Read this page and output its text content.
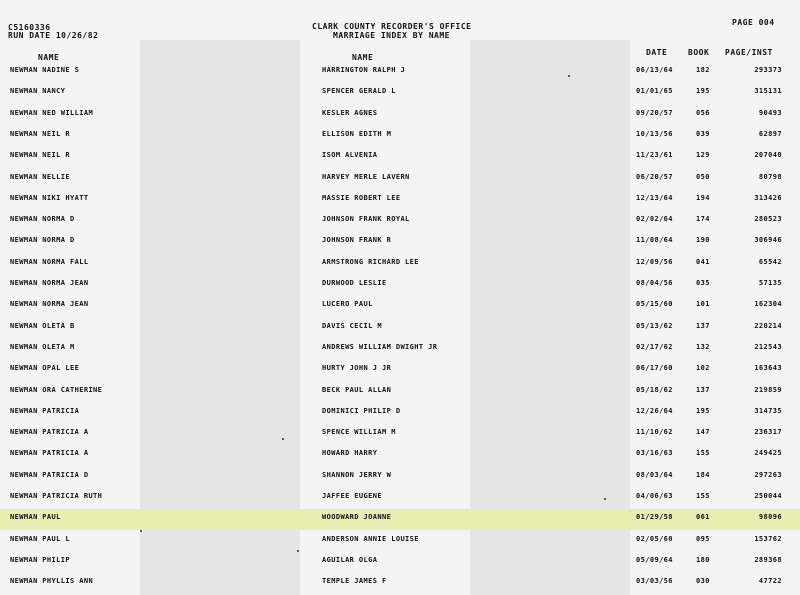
C5160336
RUN DATE 10/26/82
CLARK COUNTY RECORDER'S OFFICE
MARRIAGE INDEX BY NAME
PAGE 004
NAME	NAME
DATE	BOOK PAGE/INST
NEWMAN NADINE S	HARRINGTON RALPH J	06/13/64	182	293373
NEWMAN NANCY	SPENCER GERALD L	01/01/65	195	315131
NEWMAN NED WILLIAM	KESLER AGNES	09/20/57	056	90493
NEWMAN NEIL R	ELLISON EDITH M	10/13/56	039	62897
NEWMAN NEIL R	ISOM ALVENIA	11/23/61	129	207040
NEWMAN NELLIE	HARVEY MERLE LAVERN	06/20/57	050	80798
NEWMAN NIKI HYATT	MASSIE ROBERT LEE	12/13/64	194	313426
NEWMAN NORMA D	JOHNSON FRANK ROYAL	02/02/64	174	280523
NEWMAN NORMA D	JOHNSON FRANK R	11/08/64	190	306946
NEWMAN NORMA FALL	ARMSTRONG RICHARD LEE	12/09/56	041	65542
NEWMAN NORMA JEAN	DURWOOD LESLIE	08/04/56	035	57135
NEWMAN NORMA JEAN	LUCERO PAUL	05/15/60	101	162304
NEWMAN OLETA B	DAVIS CECIL M	05/13/62	137	220214
NEWMAN OLETA M	ANDREWS WILLIAM DWIGHT JR	02/17/62	132	212543
NEWMAN OPAL LEE	HURTY JOHN J JR	06/17/60	102	163643
NEWMAN ORA CATHERINE	BECK PAUL ALLAN	05/18/62	137	219859
NEWMAN PATRICIA	DOMINICI PHILIP D	12/26/64	195	314735
NEWMAN PATRICIA A	SPENCE WILLIAM M	11/10/62	147	236317
NEWMAN PATRICIA A	HOWARD HARRY	03/16/63	155	249425
NEWMAN PATRICIA D	SHANNON JERRY W	08/03/64	184	297263
NEWMAN PATRICIA RUTH	JAFFEE EUGENE	04/06/63	155	250044
NEWMAN PAUL	WOODWARD JOANNE	01/29/58	061	98096
NEWMAN PAUL L	ANDERSON ANNIE LOUISE	02/05/60	095	153762
NEWMAN PHILIP	AGUILAR OLGA	05/09/64	180	289368
NEWMAN PHYLLIS ANN	TEMPLE JAMES F	03/03/56	030	47722
